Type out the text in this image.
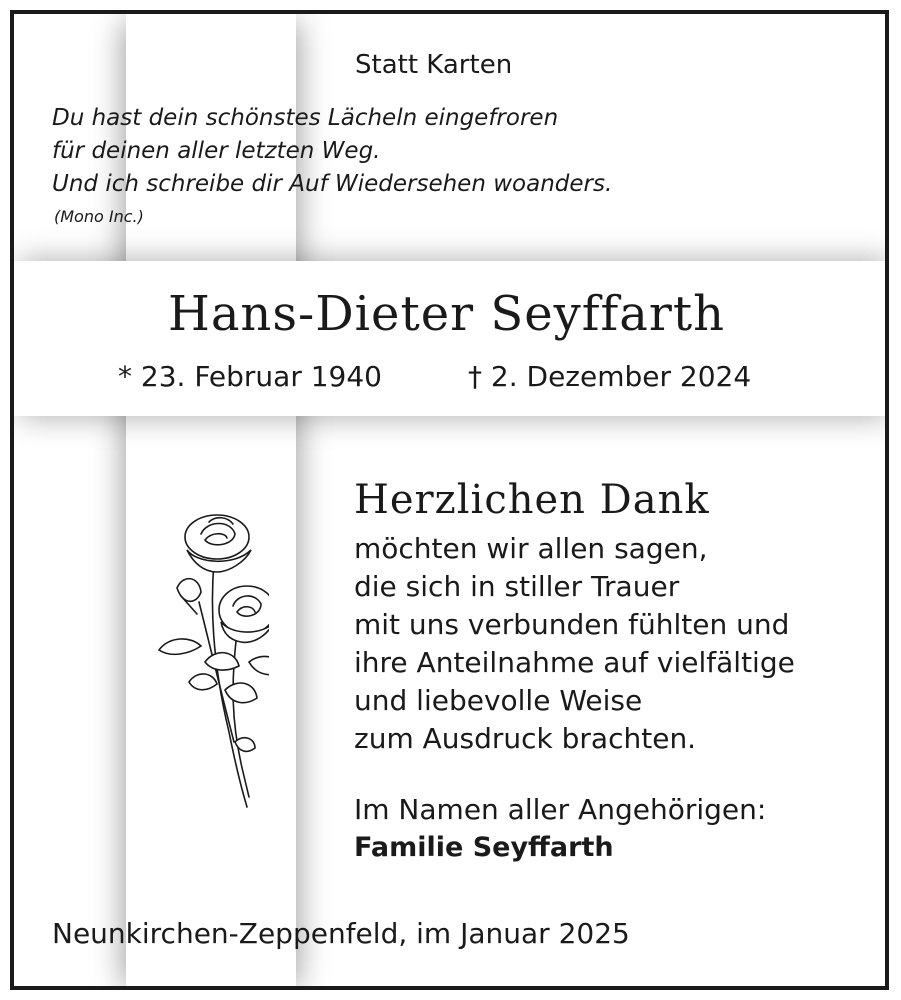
Statt Karten
Du hast dein schönstes Lächeln eingefroren
für deinen aller letzten Weg.
Und ich schreibe dir Auf Wiedersehen woanders.
(Mono Inc.)
Hans-Dieter Seyffarth
* 23. Februar 1940	† 2. Dezember 2024
Herzlichen Dank
möchten wir allen sagen,
die sich in stiller Trauer
mit uns verbunden fühlten und
ihre Anteilnahme auf vielfältige
und liebevolle Weise
zum Ausdruck brachten.
Im Namen aller Angehörigen:
Familie Seyffarth
Neunkirchen-Zeppenfeld, im Januar 2025
